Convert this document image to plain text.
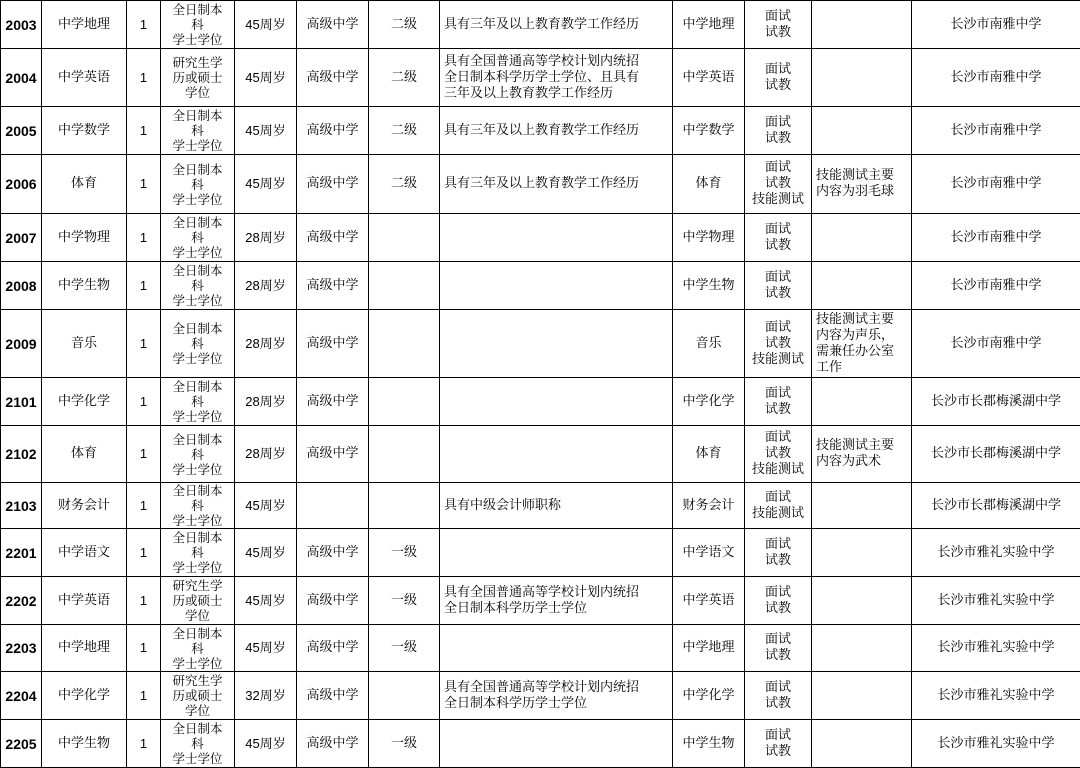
2003	中学地理	1	全日制本
科
学士学位	45周岁	高级中学	二级	具有三年及以上教育教学工作经历	中学地理	面试
试教		长沙市南雅中学
2004	中学英语	1	研究生学
历或硕士
学位	45周岁	高级中学	二级	具有全国普通高等学校计划内统招
全日制本科学历学士学位、且具有
三年及以上教育教学工作经历	中学英语	面试
试教		长沙市南雅中学
2005	中学数学	1	全日制本
科
学士学位	45周岁	高级中学	二级	具有三年及以上教育教学工作经历	中学数学	面试
试教		长沙市南雅中学
2006	体育	1	全日制本
科
学士学位	45周岁	高级中学	二级	具有三年及以上教育教学工作经历	体育	面试
试教
技能测试	技能测试主要
内容为羽毛球	长沙市南雅中学
2007	中学物理	1	全日制本
科
学士学位	28周岁	高级中学			中学物理	面试
试教		长沙市南雅中学
2008	中学生物	1	全日制本
科
学士学位	28周岁	高级中学			中学生物	面试
试教		长沙市南雅中学
2009	音乐	1	全日制本
科
学士学位	28周岁	高级中学			音乐	面试
试教
技能测试	技能测试主要
内容为声乐，
需兼任办公室
工作	长沙市南雅中学
2101	中学化学	1	全日制本
科
学士学位	28周岁	高级中学			中学化学	面试
试教		长沙市长郡梅溪湖中学
2102	体育	1	全日制本
科
学士学位	28周岁	高级中学			体育	面试
试教
技能测试	技能测试主要
内容为武术	长沙市长郡梅溪湖中学
2103	财务会计	1	全日制本
科
学士学位	45周岁			具有中级会计师职称	财务会计	面试
技能测试		长沙市长郡梅溪湖中学
2201	中学语文	1	全日制本
科
学士学位	45周岁	高级中学	一级		中学语文	面试
试教		长沙市雅礼实验中学
2202	中学英语	1	研究生学
历或硕士
学位	45周岁	高级中学	一级	具有全国普通高等学校计划内统招
全日制本科学历学士学位	中学英语	面试
试教		长沙市雅礼实验中学
2203	中学地理	1	全日制本
科
学士学位	45周岁	高级中学	一级		中学地理	面试
试教		长沙市雅礼实验中学
2204	中学化学	1	研究生学
历或硕士
学位	32周岁	高级中学		具有全国普通高等学校计划内统招
全日制本科学历学士学位	中学化学	面试
试教		长沙市雅礼实验中学
2205	中学生物	1	全日制本
科
学士学位	45周岁	高级中学	一级		中学生物	面试
试教		长沙市雅礼实验中学
